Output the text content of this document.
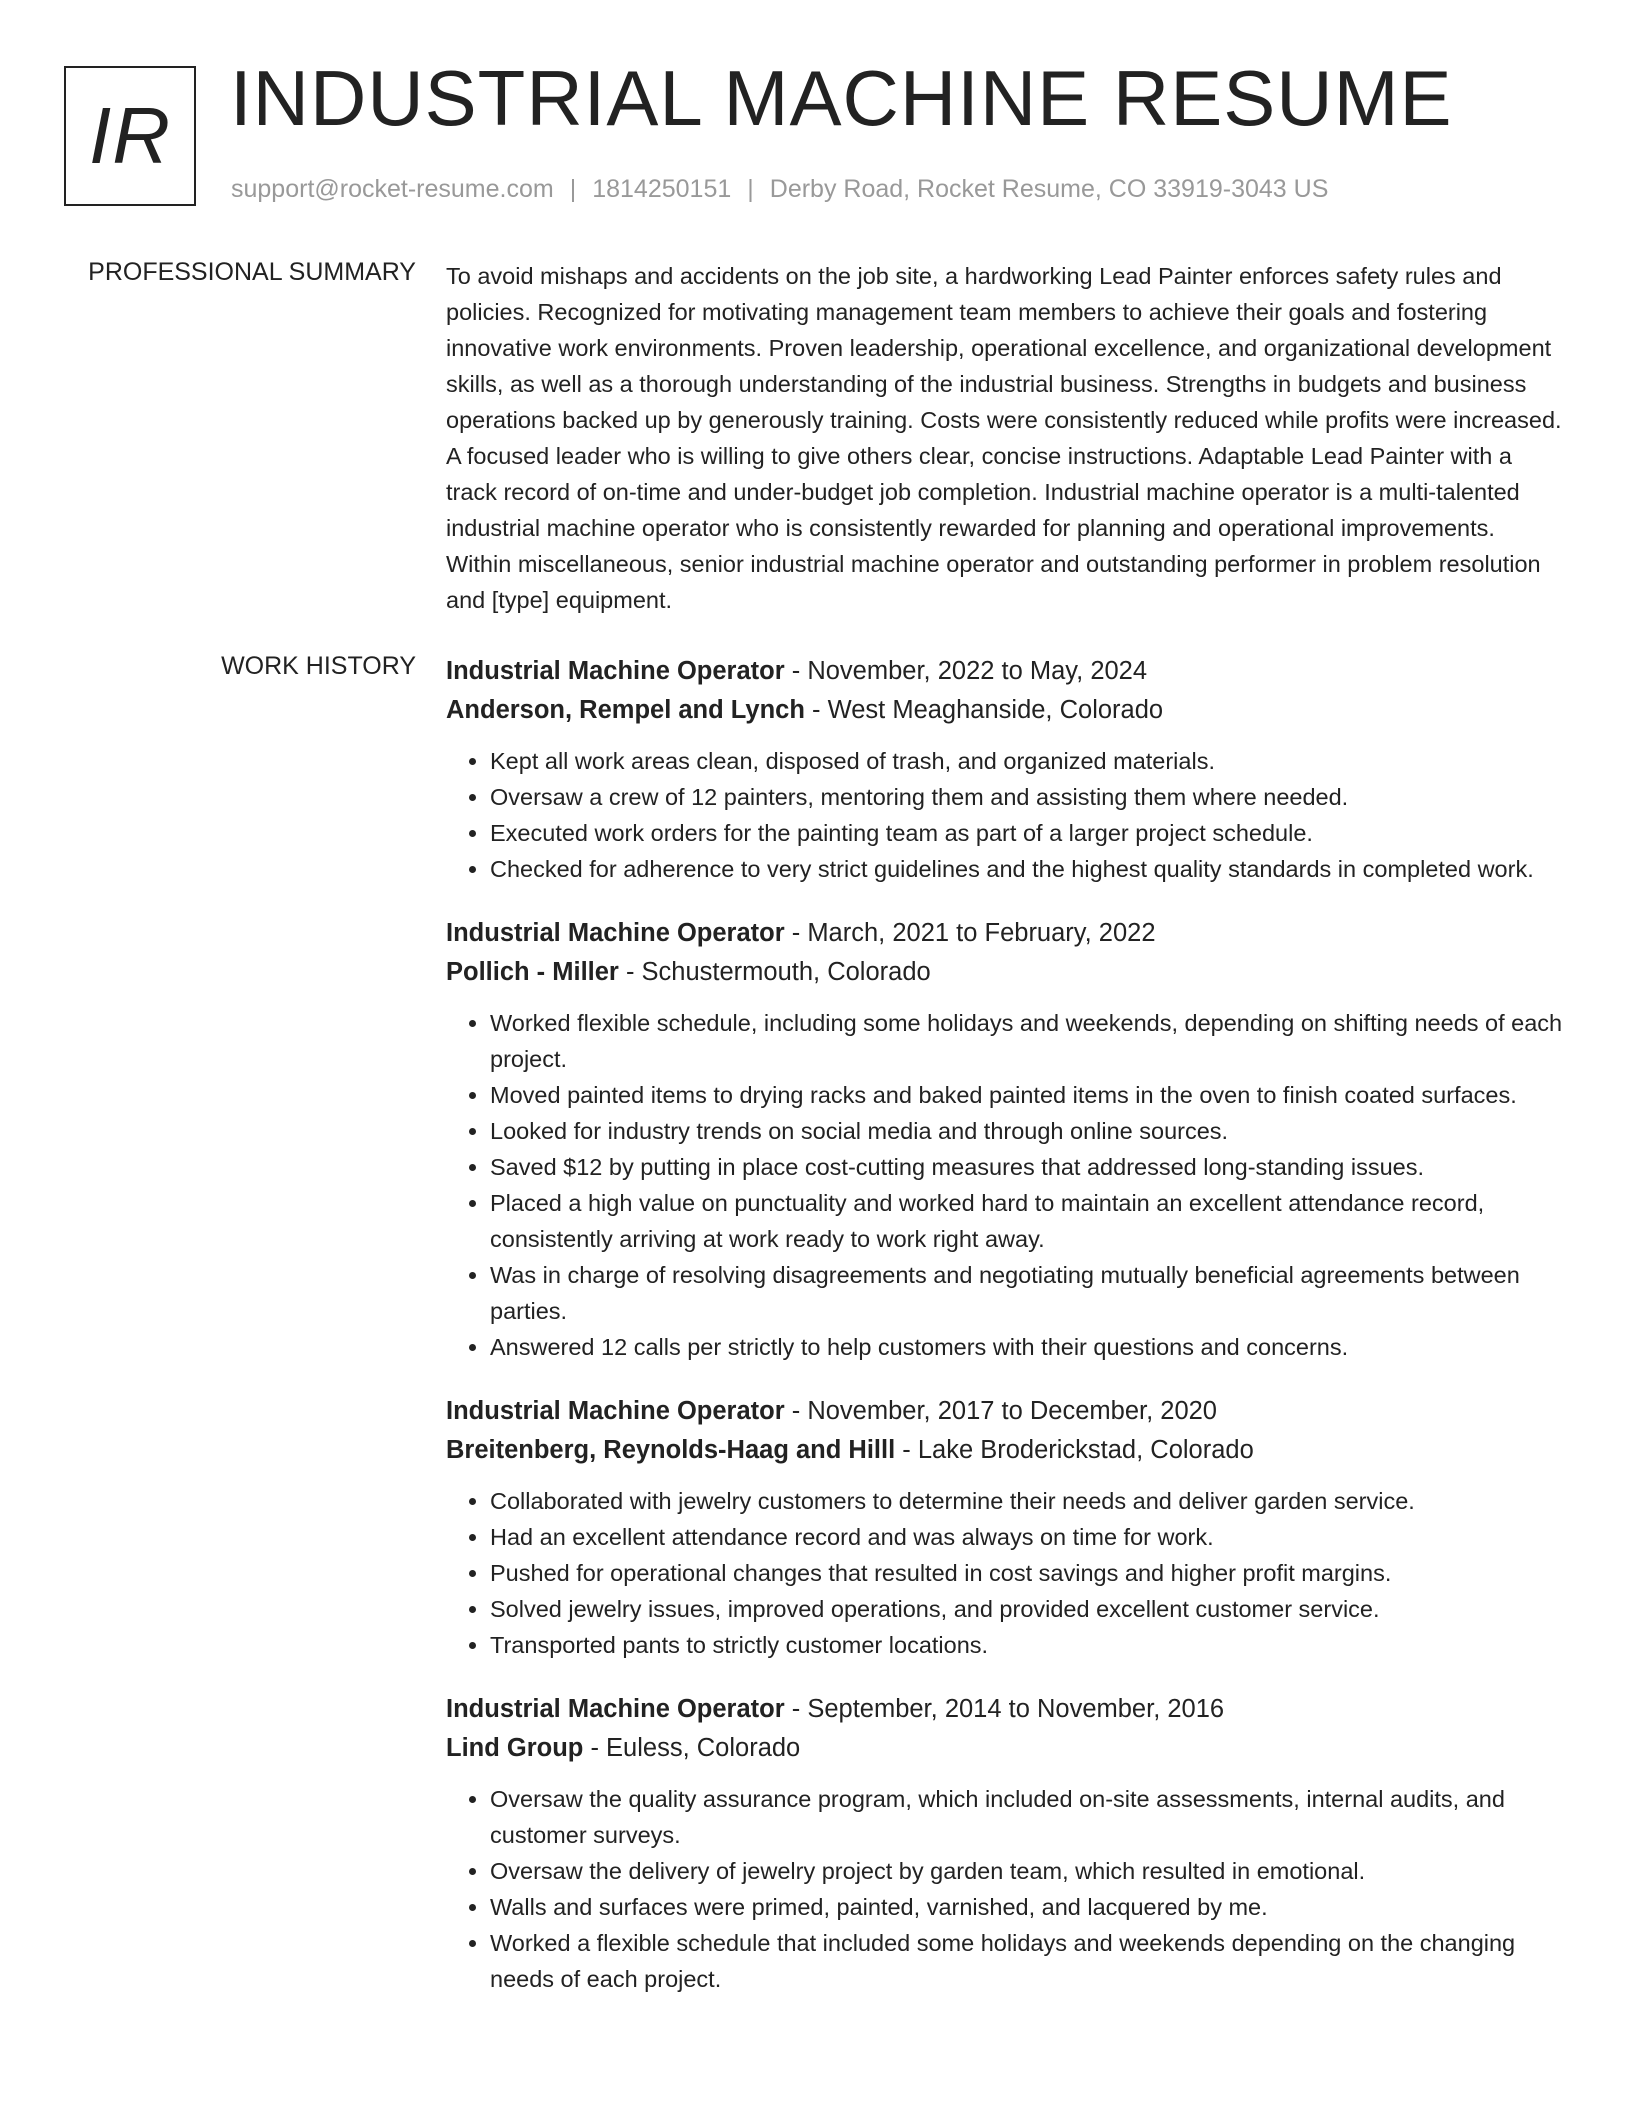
IR INDUSTRIAL MACHINE RESUME
support@rocket-resume.com | 1814250151 | Derby Road, Rocket Resume, CO 33919-3043 US
PROFESSIONAL SUMMARY To avoid mishaps and accidents on the job site, a hardworking Lead Painter enforces safety rules and policies. Recognized for motivating management team members to achieve their goals and fostering innovative work environments. Proven leadership, operational excellence, and organizational development skills, as well as a thorough understanding of the industrial business. Strengths in budgets and business operations backed up by generously training. Costs were consistently reduced while profits were increased. A focused leader who is willing to give others clear, concise instructions. Adaptable Lead Painter with a track record of on-time and under-budget job completion. Industrial machine operator is a multi-talented industrial machine operator who is consistently rewarded for planning and operational improvements. Within miscellaneous, senior industrial machine operator and outstanding performer in problem resolution and [type] equipment.
WORK HISTORY Industrial Machine Operator - November, 2022 to May, 2024
Anderson, Rempel and Lynch - West Meaghanside, Colorado
• Kept all work areas clean, disposed of trash, and organized materials.
• Oversaw a crew of 12 painters, mentoring them and assisting them where needed.
• Executed work orders for the painting team as part of a larger project schedule.
• Checked for adherence to very strict guidelines and the highest quality standards in completed work.
Industrial Machine Operator - March, 2021 to February, 2022
Pollich - Miller - Schustermouth, Colorado
• Worked flexible schedule, including some holidays and weekends, depending on shifting needs of each project.
• Moved painted items to drying racks and baked painted items in the oven to finish coated surfaces.
• Looked for industry trends on social media and through online sources.
• Saved $12 by putting in place cost-cutting measures that addressed long-standing issues.
• Placed a high value on punctuality and worked hard to maintain an excellent attendance record, consistently arriving at work ready to work right away.
• Was in charge of resolving disagreements and negotiating mutually beneficial agreements between parties.
• Answered 12 calls per strictly to help customers with their questions and concerns.
Industrial Machine Operator - November, 2017 to December, 2020
Breitenberg, Reynolds-Haag and Hilll - Lake Broderickstad, Colorado
• Collaborated with jewelry customers to determine their needs and deliver garden service.
• Had an excellent attendance record and was always on time for work.
• Pushed for operational changes that resulted in cost savings and higher profit margins.
• Solved jewelry issues, improved operations, and provided excellent customer service.
• Transported pants to strictly customer locations.
Industrial Machine Operator - September, 2014 to November, 2016
Lind Group - Euless, Colorado
• Oversaw the quality assurance program, which included on-site assessments, internal audits, and customer surveys.
• Oversaw the delivery of jewelry project by garden team, which resulted in emotional.
• Walls and surfaces were primed, painted, varnished, and lacquered by me.
• Worked a flexible schedule that included some holidays and weekends depending on the changing needs of each project.
